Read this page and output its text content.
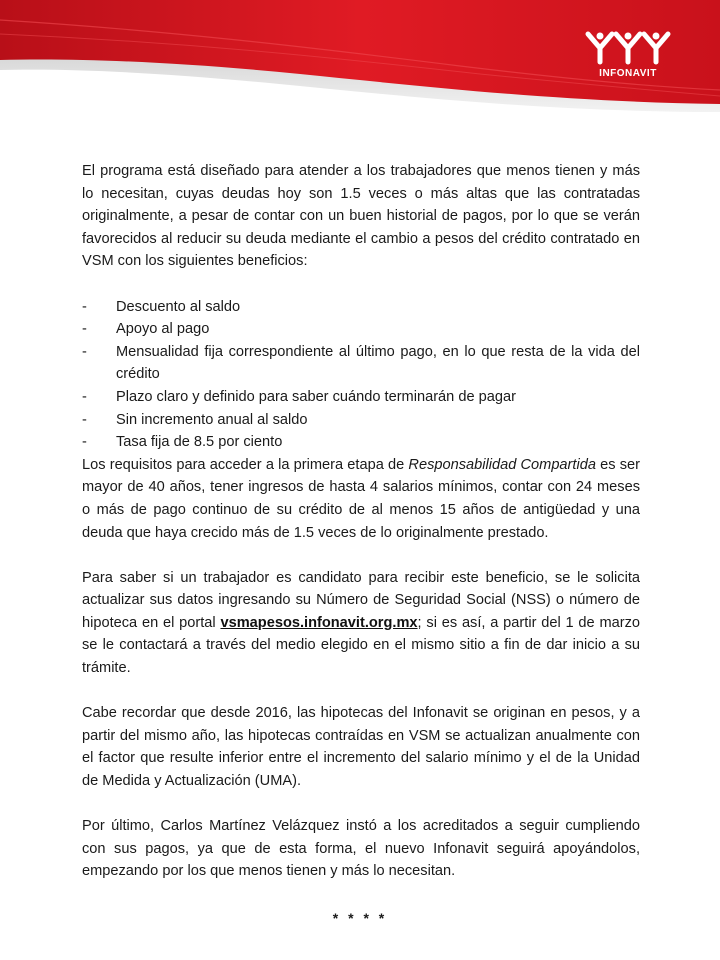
INFONAVIT

El programa está diseñado para atender a los trabajadores que menos tienen y más lo necesitan, cuyas deudas hoy son 1.5 veces o más altas que las contratadas originalmente, a pesar de contar con un buen historial de pagos, por lo que se verán favorecidos al reducir su deuda mediante el cambio a pesos del crédito contratado en VSM con los siguientes beneficios:

- Descuento al saldo
- Apoyo al pago
- Mensualidad fija correspondiente al último pago, en lo que resta de la vida del crédito
- Plazo claro y definido para saber cuándo terminarán de pagar
- Sin incremento anual al saldo
- Tasa fija de 8.5 por ciento

Los requisitos para acceder a la primera etapa de Responsabilidad Compartida es ser mayor de 40 años, tener ingresos de hasta 4 salarios mínimos, contar con 24 meses o más de pago continuo de su crédito de al menos 15 años de antigüedad y una deuda que haya crecido más de 1.5 veces de lo originalmente prestado.

Para saber si un trabajador es candidato para recibir este beneficio, se le solicita actualizar sus datos ingresando su Número de Seguridad Social (NSS) o número de hipoteca en el portal vsmapesos.infonavit.org.mx; si es así, a partir del 1 de marzo se le contactará a través del medio elegido en el mismo sitio a fin de dar inicio a su trámite.

Cabe recordar que desde 2016, las hipotecas del Infonavit se originan en pesos, y a partir del mismo año, las hipotecas contraídas en VSM se actualizan anualmente con el factor que resulte inferior entre el incremento del salario mínimo y el de la Unidad de Medida y Actualización (UMA).

Por último, Carlos Martínez Velázquez instó a los acreditados a seguir cumpliendo con sus pagos, ya que de esta forma, el nuevo Infonavit seguirá apoyándolos, empezando por los que menos tienen y más lo necesitan.

* * * *
